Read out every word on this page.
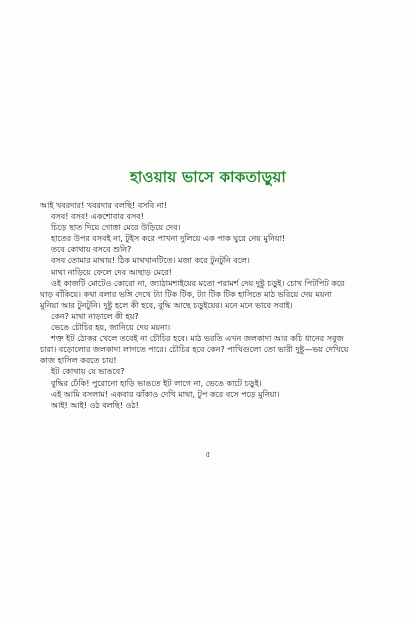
হাওয়ায় ভাসে কাকতাড়ুয়া
আই খবরদার! খবরদার বলছি! বসবি না!
বসব! বসব! একশোবার বসব!
চিড়ে ছাত দিয়ে গোত্তা মেরে উড়িয়ে দেব।
হাতের উপর বসবই না, টুইস করে পাখনা দুলিয়ে এক পাক ঘুরে নেয় মুনিয়া!
তবে কোথায় বসবে শুনি?
বসব তোমার মাথায়! ঠিক মাথখানটিতে। মজা করে টুনটুনি বলে।
মাথা নাড়িয়ে ফেলে দেব আছাড় মেরে!
ওই কাজটি মোটেও কোরো না, জ্যাঠামশাইয়ের মতো পরামর্শ দেয় দুষ্টু চড়ুই। চোখ পিটপিট করে
ঘাড় বাঁকিয়ে। কথা বলার ভঙ্গি দেখে ট্যা টিক টিক, ট্যা টিক টিক হাসিতে মাঠ ভরিয়ে দেয় ময়না
মুনিয়া আর টুনটুনি। দুষ্টু হলে কী হবে, বুদ্ধি আছে চড়ুইয়ের। মনে মনে ভাবে সবাই।
কেন? মাথা নাড়ালে কী হয়?
ভেঙে চৌচির হয়, জানিয়ে দেয় ময়না।
শক্ত ইট ঠোকর খেলে তবেই না চৌচির হবে। মাঠ ভরতি এখন জলকাদা আর কচি ধানের সবুজ
চারা। বড়োলোর জলকাদা লাগতে পারে। চৌচির হবে কেন? পাখিগুলো তো ভারী দুষ্টু—ভয় দেখিয়ে
কাজ হাসিল করতে চায়!
ইট কোথায় যে ভাঙবে?
বুদ্ধির ঢেঁকি! পুরোনো হাড়ি ভাঙতে ইট লাগে না, ভেঙে কাটে চড়ুই।
এই আমি বসলাম! একবার ঝাঁকাও দেখি মাথা, টুপ করে বসে পড়ে মুনিয়া।
আই! আই! ওঠ বলছি! ওঠ!
৫
